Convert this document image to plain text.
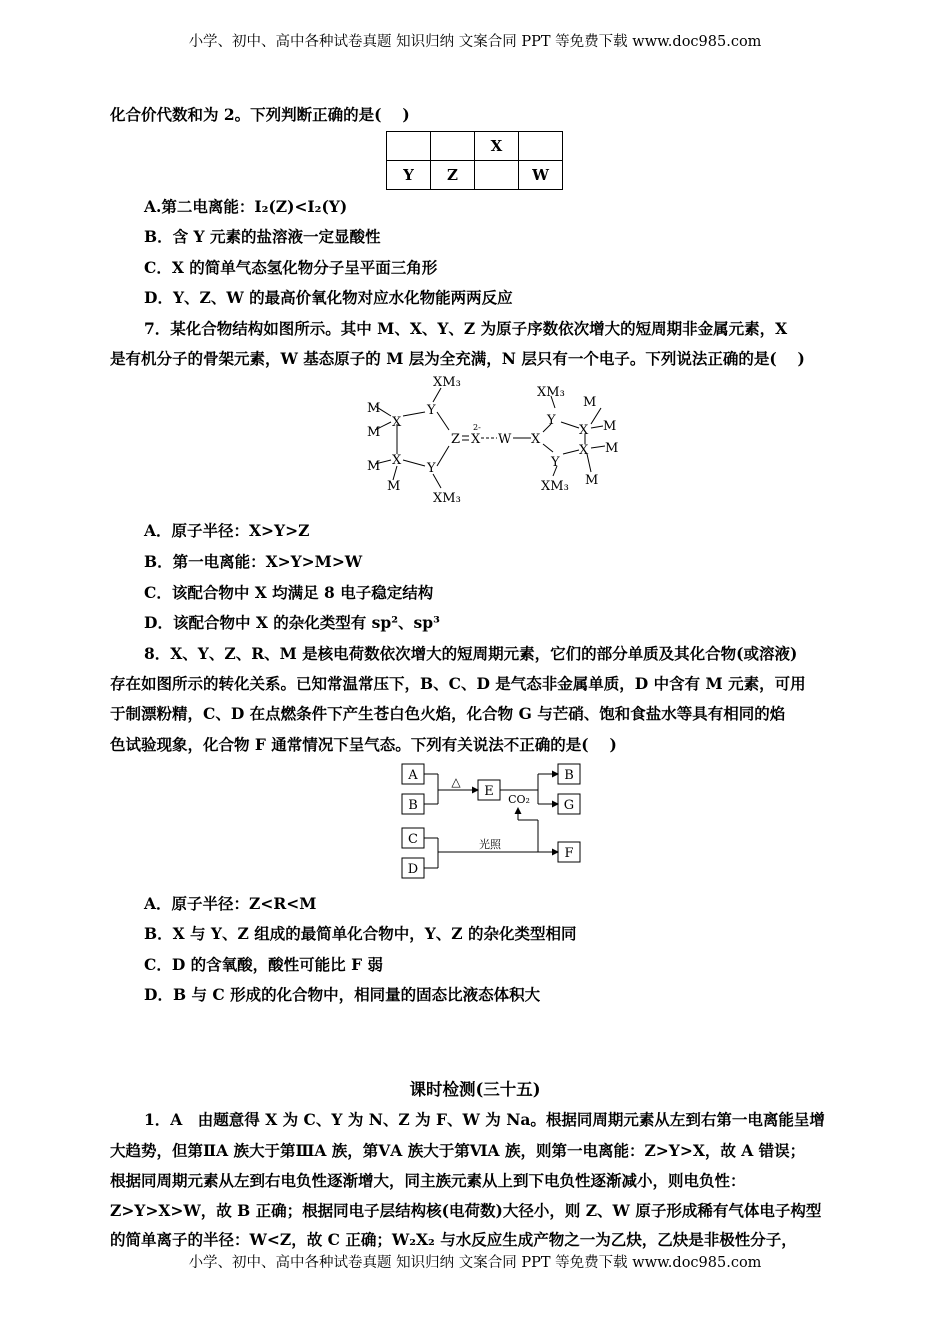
小学、初中、高中各种试卷真题 知识归纳 文案合同 PPT 等免费下载 www.doc985.com
化合价代数和为 2。下列判断正确的是(　 )
		X	
Y	Z		W
A.第二电离能：I₂(Z)<I₂(Y)
B．含 Y 元素的盐溶液一定显酸性
C．X 的简单气态氢化物分子呈平面三角形
D．Y、Z、W 的最高价氧化物对应水化物能两两反应
7．某化合物结构如图所示。其中 M、X、Y、Z 为原子序数依次增大的短周期非金属元素，X
是有机分子的骨架元素，W 基态原子的 M 层为全充满，N 层只有一个电子。下列说法正确的是(　 )
XM₃
M
M
X
X
M
M
Y
Y
XM₃
Z X
2-
W X
XM₃
Y
M
X M
M
X
Y
XM₃ M
A．原子半径：X>Y>Z
B．第一电离能：X>Y>M>W
C．该配合物中 X 均满足 8 电子稳定结构
D．该配合物中 X 的杂化类型有 sp²、sp³
8．X、Y、Z、R、M 是核电荷数依次增大的短周期元素，它们的部分单质及其化合物(或溶液)
存在如图所示的转化关系。已知常温常压下，B、C、D 是气态非金属单质，D 中含有 M 元素，可用
于制漂粉精，C、D 在点燃条件下产生苍白色火焰，化合物 G 与芒硝、饱和食盐水等具有相同的焰
色试验现象，化合物 F 通常情况下呈气态。下列有关说法不正确的是(　 )
A
B
E
B
G
C
D
F
△
CO₂
光照
A．原子半径：Z<R<M
B．X 与 Y、Z 组成的最简单化合物中，Y、Z 的杂化类型相同
C．D 的含氧酸，酸性可能比 F 弱
D．B 与 C 形成的化合物中，相同量的固态比液态体积大
课时检测(三十五)
1．A　由题意得 X 为 C、Y 为 N、Z 为 F、W 为 Na。根据同周期元素从左到右第一电离能呈增
大趋势，但第ⅡA 族大于第ⅢA 族，第ⅤA 族大于第ⅥA 族，则第一电离能：Z>Y>X，故 A 错误；
根据同周期元素从左到右电负性逐渐增大，同主族元素从上到下电负性逐渐减小，则电负性：
Z>Y>X>W，故 B 正确；根据同电子层结构核(电荷数)大径小，则 Z、W 原子形成稀有气体电子构型
的简单离子的半径：W<Z，故 C 正确；W₂X₂ 与水反应生成产物之一为乙炔，乙炔是非极性分子，
小学、初中、高中各种试卷真题 知识归纳 文案合同 PPT 等免费下载 www.doc985.com
